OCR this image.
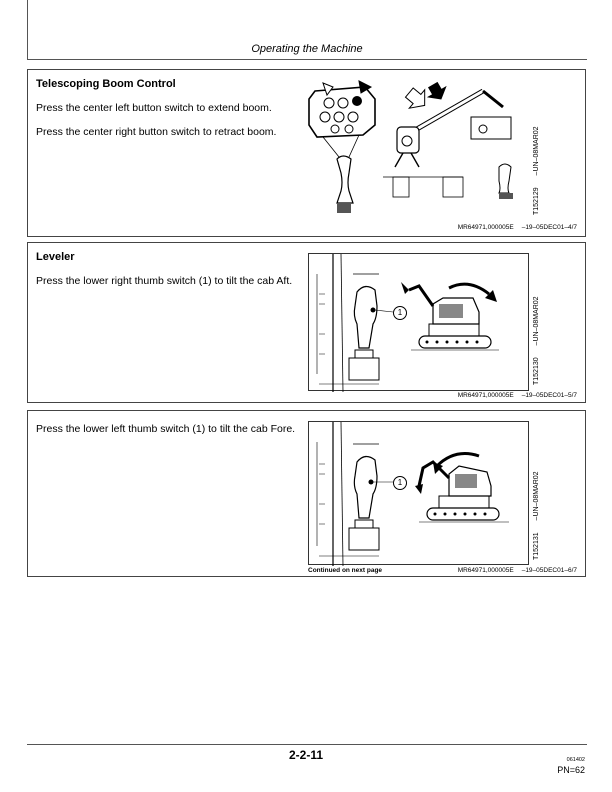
Operating the Machine
Telescoping Boom Control
Press the center left button switch to extend boom.
Press the center right button switch to retract boom.
T152129  –UN–08MAR02
MR64971,000005E –19–05DEC01–4/7
Leveler
Press the lower right thumb switch (1) to tilt the cab Aft.
1
T152130  –UN–08MAR02
MR64971,000005E –19–05DEC01–5/7
Press the lower left thumb switch (1) to tilt the cab Fore.
1
T152131  –UN–08MAR02
Continued on next page	MR64971,000005E –19–05DEC01–6/7
2-2-11	061402
PN=62
